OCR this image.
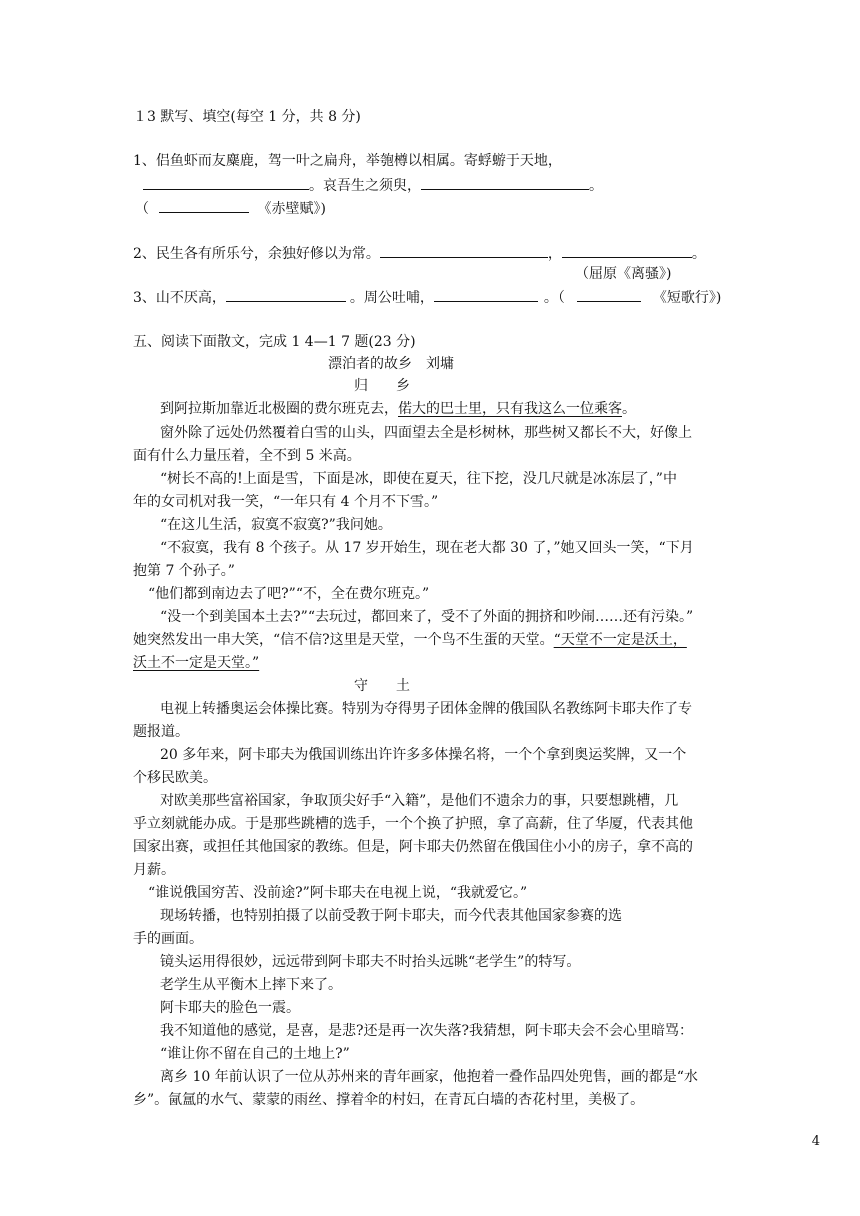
１3 默写、填空(每空 1 分，共 8 分)
1、侣鱼虾而友麋鹿，驾一叶之扁舟，举匏樽以相属。寄蜉蝣于天地，
。哀吾生之须臾，	。
（	《赤壁赋》)
2、民生各有所乐兮，余独好修以为常。	，	。
（屈原《离骚》)
3、山不厌高，	。周公吐哺，	。（	《短歌行》)
五、阅读下面散文，完成 1 4—1 7 题(23 分)
漂泊者的故乡　刘墉
归　　乡
到阿拉斯加靠近北极圈的费尔班克去，偌大的巴士里，只有我这么一位乘客。
窗外除了远处仍然覆着白雪的山头，四面望去全是杉树林，那些树又都长不大，好像上
面有什么力量压着，全不到 5 米高。
“树长不高的!上面是雪，下面是冰，即使在夏天，往下挖，没几尺就是冰冻层了，”中
年的女司机对我一笑，“一年只有 4 个月不下雪。”
“在这儿生活，寂寞不寂寞?”我问她。
“不寂寞，我有 8 个孩子。从 17 岁开始生，现在老大都 30 了，”她又回头一笑，“下月
抱第 7 个孙子。”
“他们都到南边去了吧?”“不，全在费尔班克。”
“没一个到美国本土去?”“去玩过，都回来了，受不了外面的拥挤和吵闹……还有污染。”
她突然发出一串大笑，“信不信?这里是天堂，一个鸟不生蛋的天堂。“天堂不一定是沃土，
沃土不一定是天堂。”
守　　土
电视上转播奥运会体操比赛。特别为夺得男子团体金牌的俄国队名教练阿卡耶夫作了专
题报道。
20 多年来，阿卡耶夫为俄国训练出许许多多体操名将，一个个拿到奥运奖牌，又一个
个移民欧美。
对欧美那些富裕国家，争取顶尖好手“入籍”，是他们不遗余力的事，只要想跳槽，几
乎立刻就能办成。于是那些跳槽的选手，一个个换了护照，拿了高薪，住了华厦，代表其他
国家出赛，或担任其他国家的教练。但是，阿卡耶夫仍然留在俄国住小小的房子，拿不高的
月薪。
“谁说俄国穷苦、没前途?”阿卡耶夫在电视上说，“我就爱它。”
现场转播，也特别拍摄了以前受教于阿卡耶夫，而今代表其他国家参赛的选
手的画面。
镜头运用得很妙，远远带到阿卡耶夫不时抬头远眺“老学生”的特写。
老学生从平衡木上摔下来了。
阿卡耶夫的脸色一震。
我不知道他的感觉，是喜，是悲?还是再一次失落?我猜想，阿卡耶夫会不会心里暗骂：
“谁让你不留在自己的土地上?”
离乡 10 年前认识了一位从苏州来的青年画家，他抱着一叠作品四处兜售，画的都是“水
乡”。氤氲的水气、蒙蒙的雨丝、撑着伞的村妇，在青瓦白墙的杏花村里，美极了。
4
